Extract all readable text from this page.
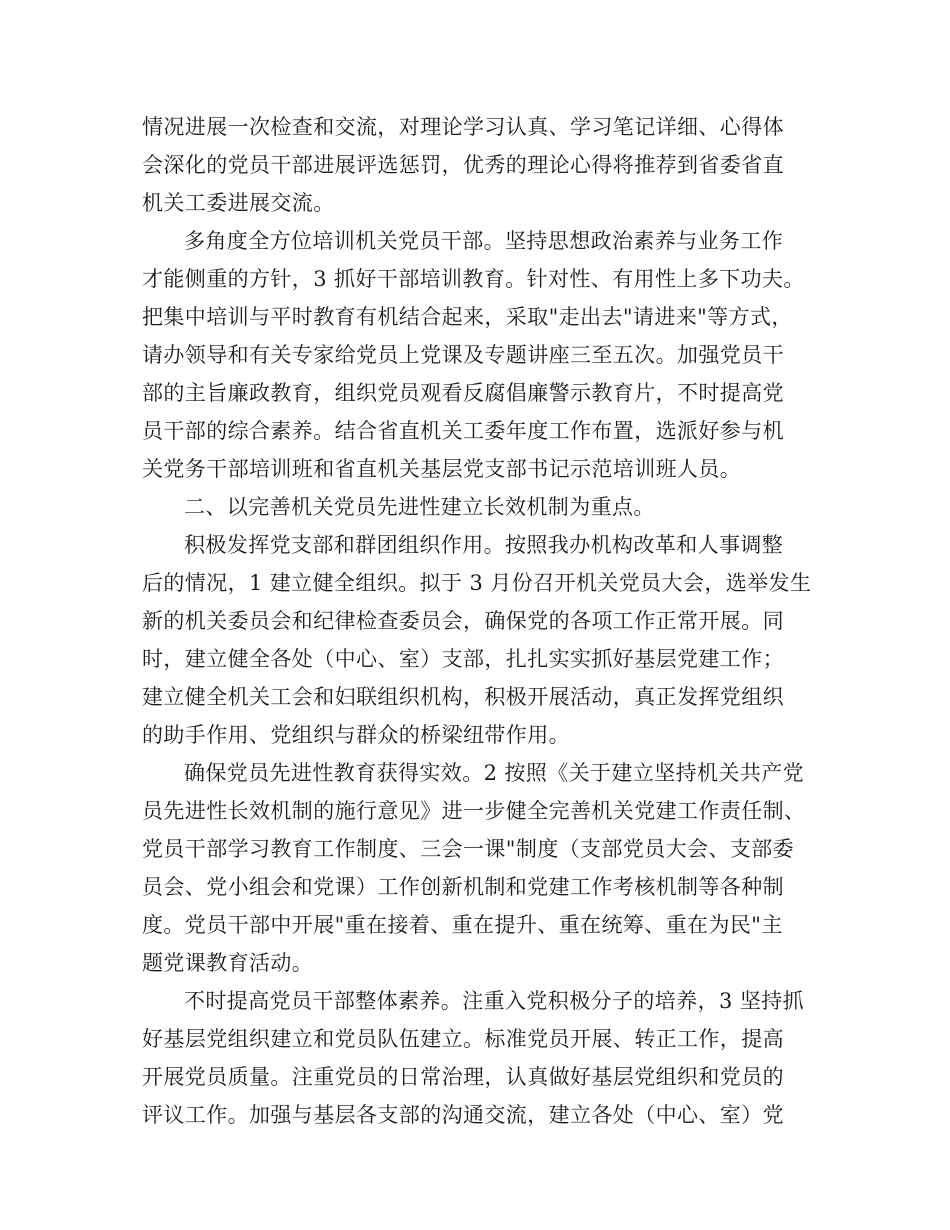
情况进展一次检查和交流，对理论学习认真、学习笔记详细、心得体
会深化的党员干部进展评选惩罚，优秀的理论心得将推荐到省委省直
机关工委进展交流。
多角度全方位培训机关党员干部。坚持思想政治素养与业务工作
才能侧重的方针，3 抓好干部培训教育。针对性、有用性上多下功夫。
把集中培训与平时教育有机结合起来，采取"走出去"请进来"等方式，
请办领导和有关专家给党员上党课及专题讲座三至五次。加强党员干
部的主旨廉政教育，组织党员观看反腐倡廉警示教育片，不时提高党
员干部的综合素养。结合省直机关工委年度工作布置，选派好参与机
关党务干部培训班和省直机关基层党支部书记示范培训班人员。
二、以完善机关党员先进性建立长效机制为重点。
积极发挥党支部和群团组织作用。按照我办机构改革和人事调整
后的情况，1 建立健全组织。拟于 3 月份召开机关党员大会，选举发生
新的机关委员会和纪律检查委员会，确保党的各项工作正常开展。同
时，建立健全各处（中心、室）支部，扎扎实实抓好基层党建工作；
建立健全机关工会和妇联组织机构，积极开展活动，真正发挥党组织
的助手作用、党组织与群众的桥梁纽带作用。
确保党员先进性教育获得实效。2 按照《关于建立坚持机关共产党
员先进性长效机制的施行意见》进一步健全完善机关党建工作责任制、
党员干部学习教育工作制度、三会一课"制度（支部党员大会、支部委
员会、党小组会和党课）工作创新机制和党建工作考核机制等各种制
度。党员干部中开展"重在接着、重在提升、重在统筹、重在为民"主
题党课教育活动。
不时提高党员干部整体素养。注重入党积极分子的培养，3 坚持抓
好基层党组织建立和党员队伍建立。标准党员开展、转正工作，提高
开展党员质量。注重党员的日常治理，认真做好基层党组织和党员的
评议工作。加强与基层各支部的沟通交流，建立各处（中心、室）党
